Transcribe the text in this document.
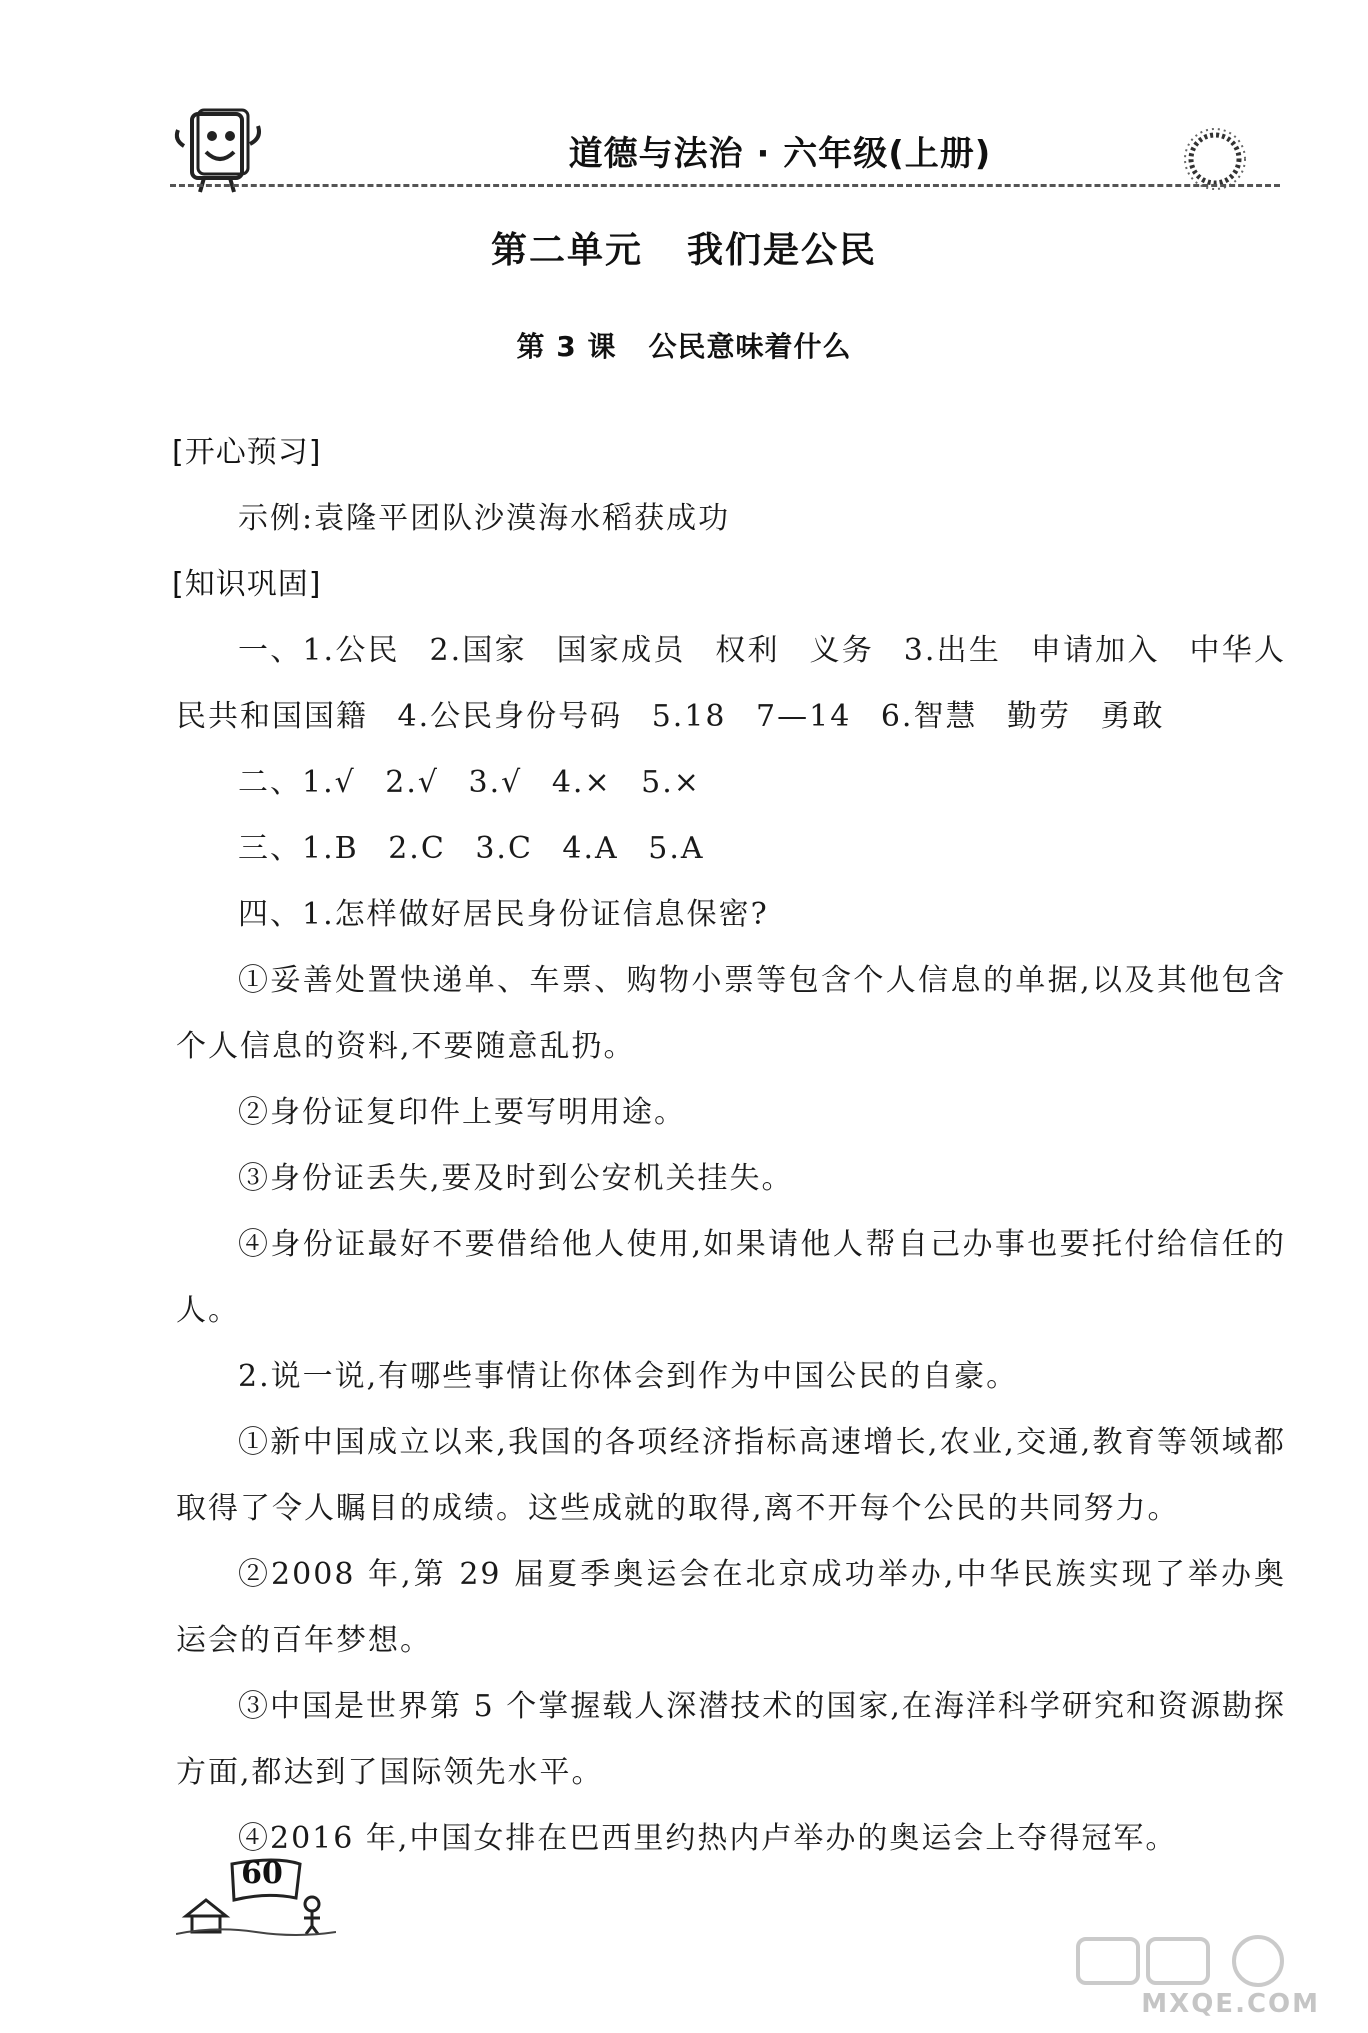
道德与法治 · 六年级(上册)
第二单元 我们是公民
第 3 课 公民意味着什么
[开心预习]

示例:袁隆平团队沙漠海水稻获成功

[知识巩固]

一、1.公民 2.国家 国家成员 权利 义务 3.出生 申请加入 中华人民共和国国籍 4.公民身份号码 5.18 7—14 6.智慧 勤劳 勇敢

二、1.√ 2.√ 3.√ 4.× 5.×

三、1.B 2.C 3.C 4.A 5.A

四、1.怎样做好居民身份证信息保密?

①妥善处置快递单、车票、购物小票等包含个人信息的单据,以及其他包含个人信息的资料,不要随意乱扔。

②身份证复印件上要写明用途。

③身份证丢失,要及时到公安机关挂失。

④身份证最好不要借给他人使用,如果请他人帮自己办事也要托付给信任的人。

2.说一说,有哪些事情让你体会到作为中国公民的自豪。

①新中国成立以来,我国的各项经济指标高速增长,农业,交通,教育等领域都取得了令人瞩目的成绩。这些成就的取得,离不开每个公民的共同努力。

②2008 年,第 29 届夏季奥运会在北京成功举办,中华民族实现了举办奥运会的百年梦想。

③中国是世界第 5 个掌握载人深潜技术的国家,在海洋科学研究和资源勘探方面,都达到了国际领先水平。

④2016 年,中国女排在巴西里约热内卢举办的奥运会上夺得冠军。

60
MXQE.COM
